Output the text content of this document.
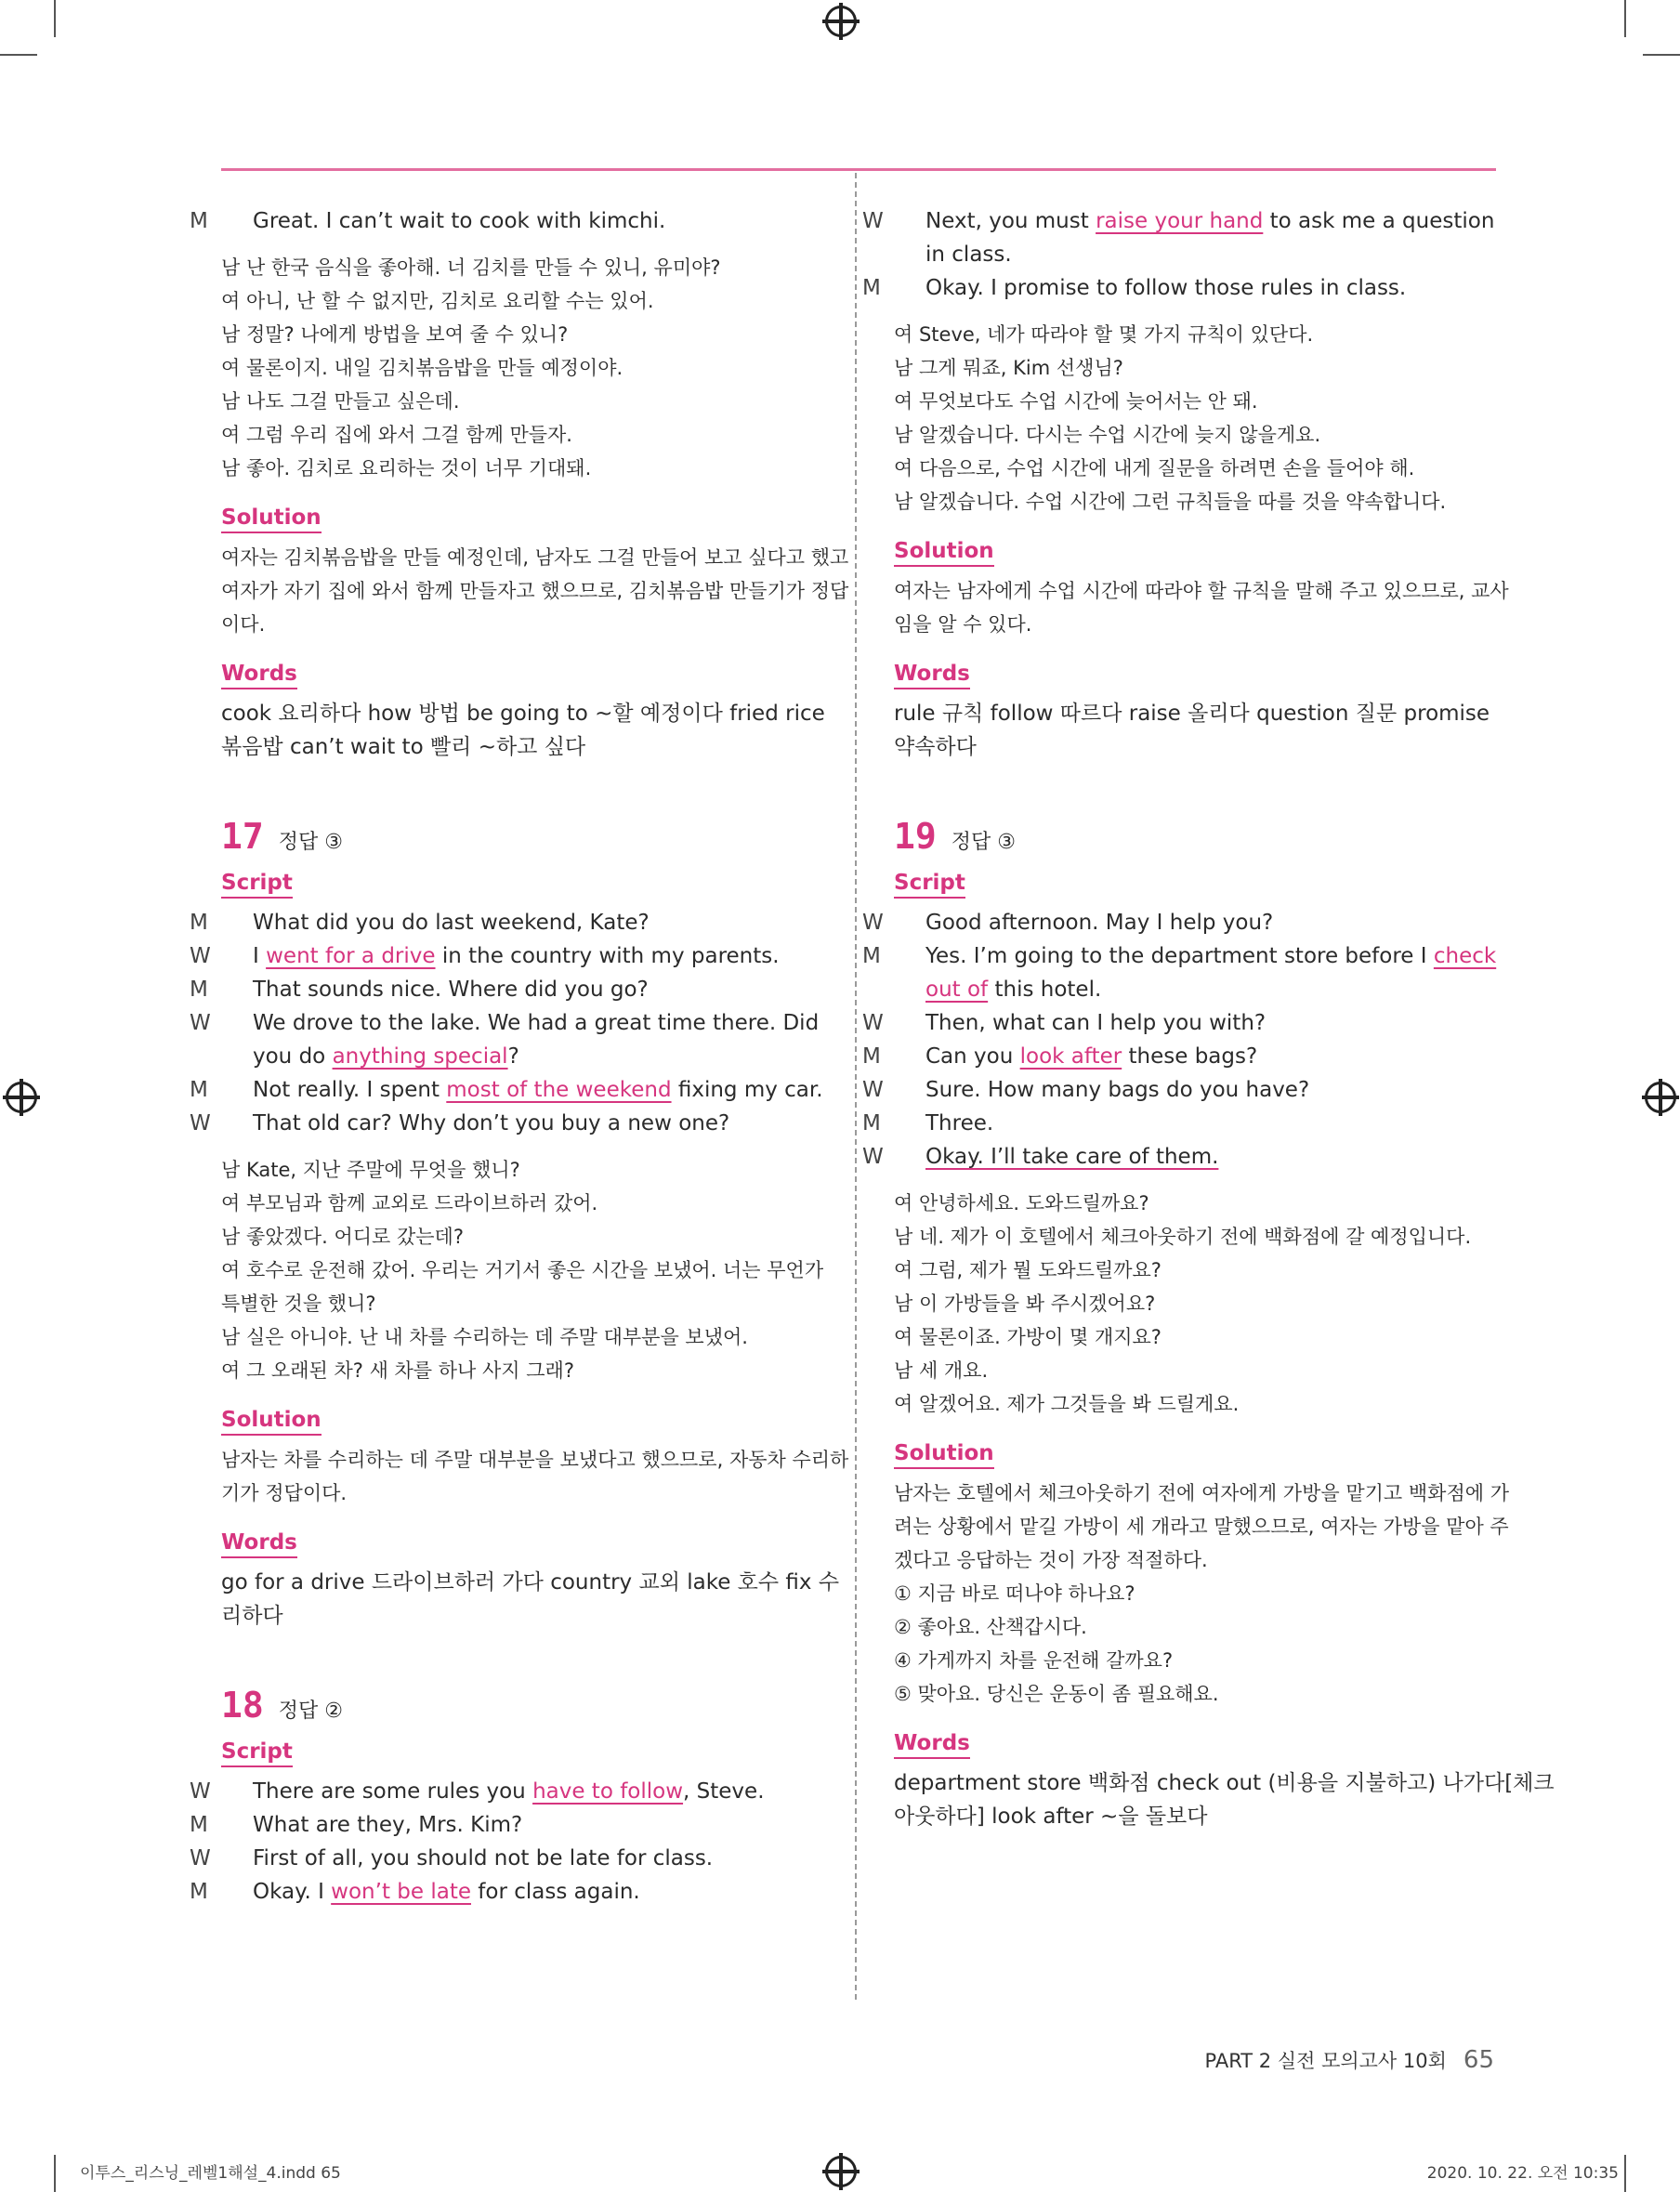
M Great. I can’t wait to cook with kimchi.
남 난 한국 음식을 좋아해. 너 김치를 만들 수 있니, 유미야?
여 아니, 난 할 수 없지만, 김치로 요리할 수는 있어.
남 정말? 나에게 방법을 보여 줄 수 있니?
여 물론이지. 내일 김치볶음밥을 만들 예정이야.
남 나도 그걸 만들고 싶은데.
여 그럼 우리 집에 와서 그걸 함께 만들자.
남 좋아. 김치로 요리하는 것이 너무 기대돼.
Solution
여자는 김치볶음밥을 만들 예정인데, 남자도 그걸 만들어 보고 싶다고 했고
여자가 자기 집에 와서 함께 만들자고 했으므로, 김치볶음밥 만들기가 정답
이다.
Words
cook 요리하다 how 방법 be going to ~할 예정이다 fried rice
볶음밥 can’t wait to 빨리 ~하고 싶다
17 정답 ③
Script
M What did you do last weekend, Kate?
W I went for a drive in the country with my parents.
M That sounds nice. Where did you go?
W We drove to the lake. We had a great time there. Did you do anything special?
M Not really. I spent most of the weekend fixing my car.
W That old car? Why don’t you buy a new one?
남 Kate, 지난 주말에 무엇을 했니?
여 부모님과 함께 교외로 드라이브하러 갔어.
남 좋았겠다. 어디로 갔는데?
여 호수로 운전해 갔어. 우리는 거기서 좋은 시간을 보냈어. 너는 무언가
특별한 것을 했니?
남 실은 아니야. 난 내 차를 수리하는 데 주말 대부분을 보냈어.
여 그 오래된 차? 새 차를 하나 사지 그래?
Solution
남자는 차를 수리하는 데 주말 대부분을 보냈다고 했으므로, 자동차 수리하
기가 정답이다.
Words
go for a drive 드라이브하러 가다 country 교외 lake 호수 fix 수
리하다
18 정답 ②
Script
W There are some rules you have to follow, Steve.
M What are they, Mrs. Kim?
W First of all, you should not be late for class.
M Okay. I won’t be late for class again.
W Next, you must raise your hand to ask me a question in class.
M Okay. I promise to follow those rules in class.
여 Steve, 네가 따라야 할 몇 가지 규칙이 있단다.
남 그게 뭐죠, Kim 선생님?
여 무엇보다도 수업 시간에 늦어서는 안 돼.
남 알겠습니다. 다시는 수업 시간에 늦지 않을게요.
여 다음으로, 수업 시간에 내게 질문을 하려면 손을 들어야 해.
남 알겠습니다. 수업 시간에 그런 규칙들을 따를 것을 약속합니다.
Solution
여자는 남자에게 수업 시간에 따라야 할 규칙을 말해 주고 있으므로, 교사
임을 알 수 있다.
Words
rule 규칙 follow 따르다 raise 올리다 question 질문 promise
약속하다
19 정답 ③
Script
W Good afternoon. May I help you?
M Yes. I’m going to the department store before I check out of this hotel.
W Then, what can I help you with?
M Can you look after these bags?
W Sure. How many bags do you have?
M Three.
W Okay. I’ll take care of them.
여 안녕하세요. 도와드릴까요?
남 네. 제가 이 호텔에서 체크아웃하기 전에 백화점에 갈 예정입니다.
여 그럼, 제가 뭘 도와드릴까요?
남 이 가방들을 봐 주시겠어요?
여 물론이죠. 가방이 몇 개지요?
남 세 개요.
여 알겠어요. 제가 그것들을 봐 드릴게요.
Solution
남자는 호텔에서 체크아웃하기 전에 여자에게 가방을 맡기고 백화점에 가
려는 상황에서 맡길 가방이 세 개라고 말했으므로, 여자는 가방을 맡아 주
겠다고 응답하는 것이 가장 적절하다.
① 지금 바로 떠나야 하나요?
② 좋아요. 산책갑시다.
④ 가게까지 차를 운전해 갈까요?
⑤ 맞아요. 당신은 운동이 좀 필요해요.
Words
department store 백화점 check out (비용을 지불하고) 나가다[체크
아웃하다] look after ~을 돌보다
PART 2 실전 모의고사 10회 65
이투스_리스닝_레벨1해설_4.indd 65	2020. 10. 22. 오전 10:35
